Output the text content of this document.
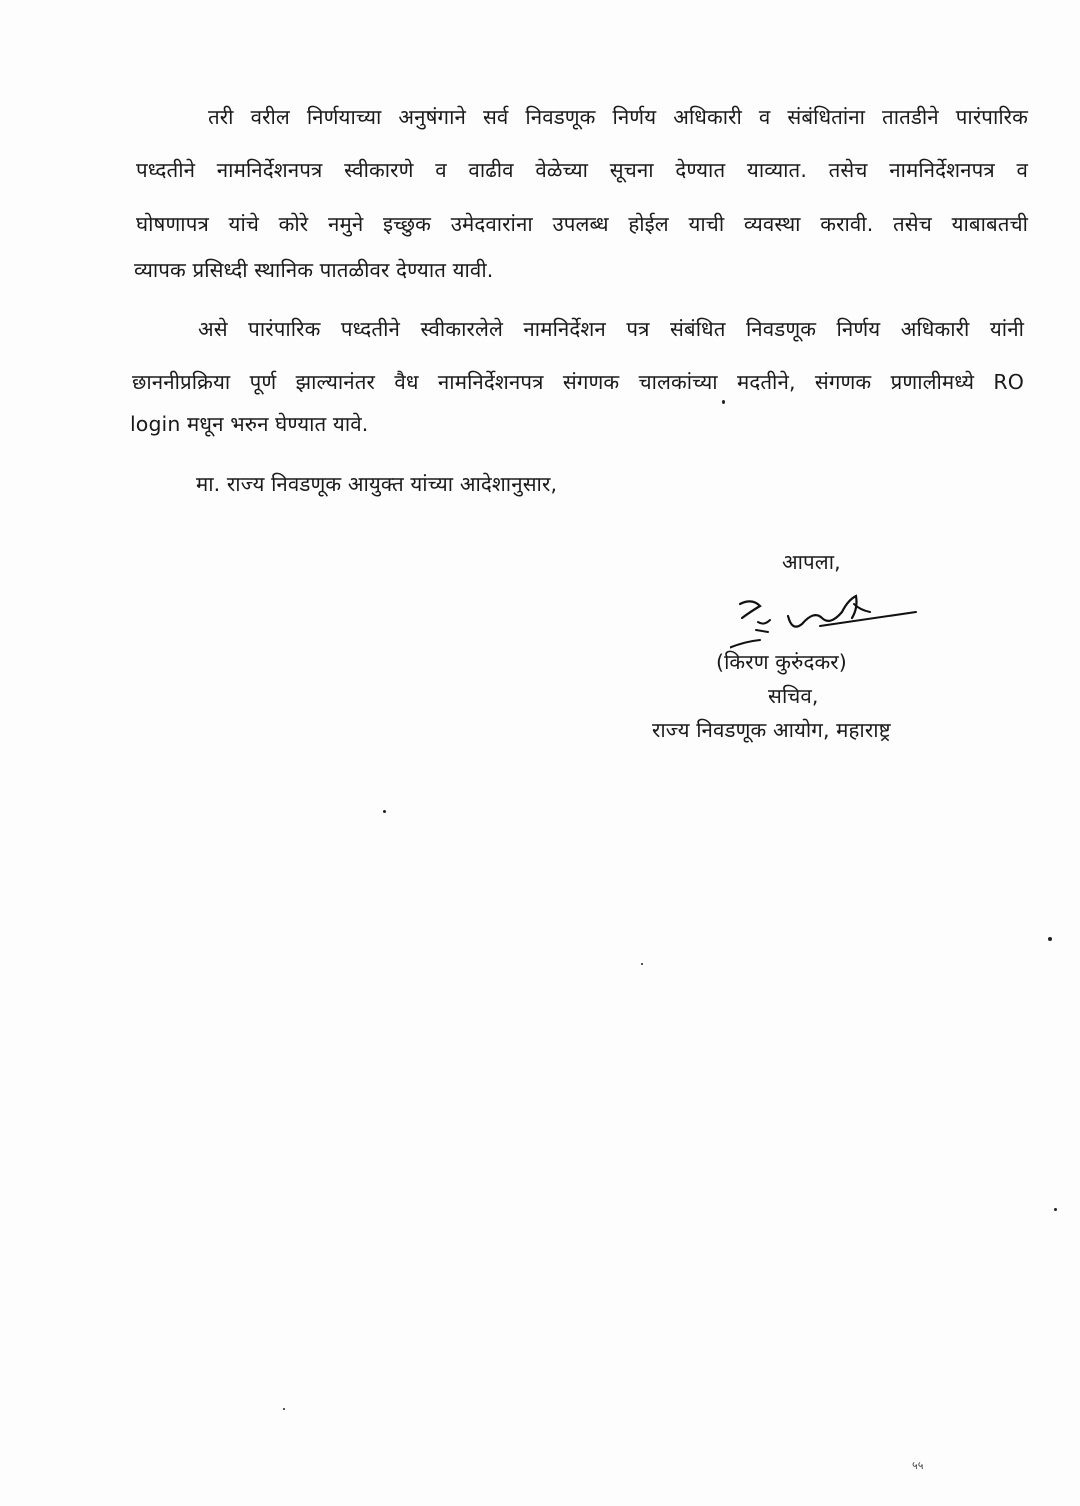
तरी वरील निर्णयाच्या अनुषंगाने सर्व निवडणूक निर्णय अधिकारी व संबंधितांना तातडीने पारंपारिक
पध्दतीने नामनिर्देशनपत्र स्वीकारणे व वाढीव वेळेच्या सूचना देण्यात याव्यात. तसेच नामनिर्देशनपत्र व
घोषणापत्र यांचे कोरे नमुने इच्छुक उमेदवारांना उपलब्ध होईल याची व्यवस्था करावी. तसेच याबाबतची
व्यापक प्रसिध्दी स्थानिक पातळीवर देण्यात यावी.
असे पारंपारिक पध्दतीने स्वीकारलेले नामनिर्देशन पत्र संबंधित निवडणूक निर्णय अधिकारी यांनी
छाननीप्रक्रिया पूर्ण झाल्यानंतर वैध नामनिर्देशनपत्र संगणक चालकांच्या मदतीने, संगणक प्रणालीमध्ये RO
login मधून भरुन घेण्यात यावे.
मा. राज्य निवडणूक आयुक्त यांच्या आदेशानुसार,
आपला,
(किरण कुरुंदकर)
सचिव,
राज्य निवडणूक आयोग, महाराष्ट्र
५५
